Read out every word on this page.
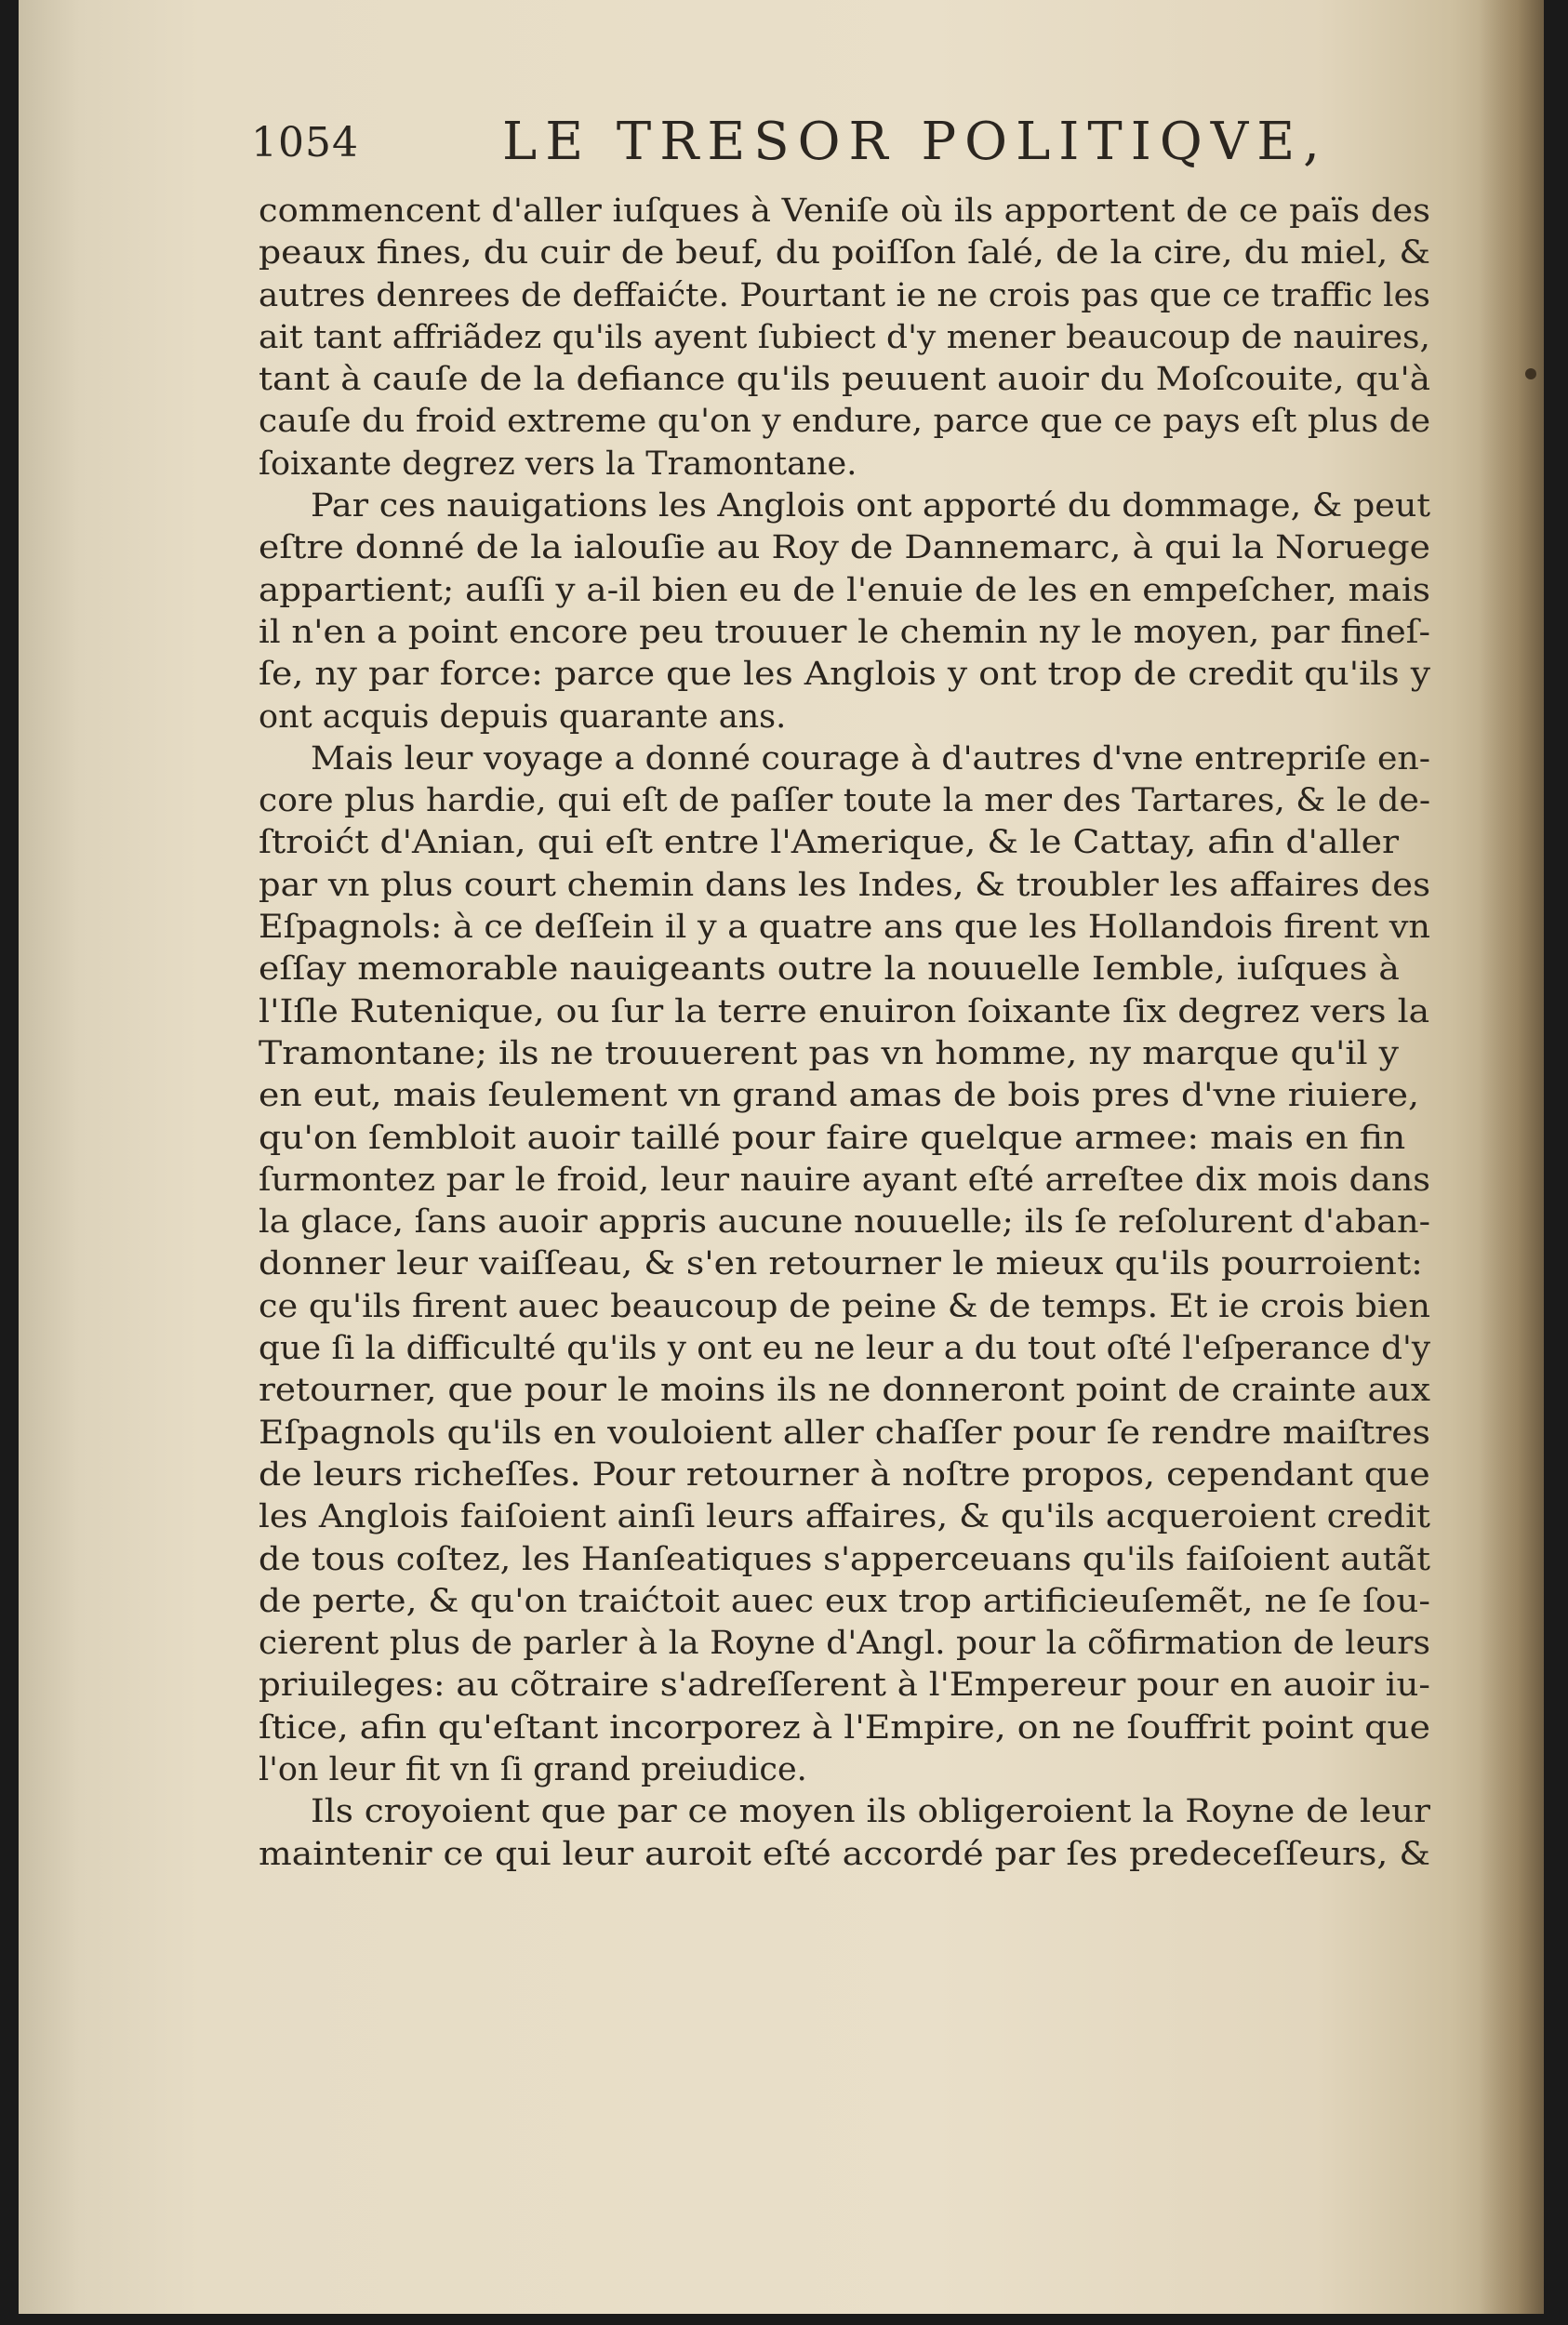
1054	LE TRESOR POLITIQVE,
commencent d'aller iuſques à Veniſe où ils apportent de ce païs des
peaux fines, du cuir de beuf, du poiſſon ſalé, de la cire, du miel, &
autres denrees de deffaićte. Pourtant ie ne crois pas que ce traffic les
ait tant affriãdez qu'ils ayent ſubiect d'y mener beaucoup de nauires,
tant à cauſe de la defiance qu'ils peuuent auoir du Moſcouite, qu'à
cauſe du froid extreme qu'on y endure, parce que ce pays eſt plus de
ſoixante degrez vers la Tramontane.
Par ces nauigations les Anglois ont apporté du dommage, & peut
eſtre donné de la ialouſie au Roy de Dannemarc, à qui la Noruege
appartient; auſſi y a-il bien eu de l'enuie de les en empeſcher, mais
il n'en a point encore peu trouuer le chemin ny le moyen, par fineſ-
ſe, ny par force: parce que les Anglois y ont trop de credit qu'ils y
ont acquis depuis quarante ans.
Mais leur voyage a donné courage à d'autres d'vne entrepriſe en-
core plus hardie, qui eſt de paſſer toute la mer des Tartares, & le de-
ſtroićt d'Anian, qui eſt entre l'Amerique, & le Cattay, afin d'aller
par vn plus court chemin dans les Indes, & troubler les affaires des
Eſpagnols: à ce deſſein il y a quatre ans que les Hollandois firent vn
eſſay memorable nauigeants outre la nouuelle Iemble, iuſques à
l'Iſle Rutenique, ou ſur la terre enuiron ſoixante ſix degrez vers la
Tramontane; ils ne trouuerent pas vn homme, ny marque qu'il y
en eut, mais ſeulement vn grand amas de bois pres d'vne riuiere,
qu'on ſembloit auoir taillé pour faire quelque armee: mais en fin
ſurmontez par le froid, leur nauire ayant eſté arreſtee dix mois dans
la glace, ſans auoir appris aucune nouuelle; ils ſe reſolurent d'aban-
donner leur vaiſſeau, & s'en retourner le mieux qu'ils pourroient:
ce qu'ils firent auec beaucoup de peine & de temps. Et ie crois bien
que ſi la difficulté qu'ils y ont eu ne leur a du tout oſté l'eſperance d'y
retourner, que pour le moins ils ne donneront point de crainte aux
Eſpagnols qu'ils en vouloient aller chaſſer pour ſe rendre maiſtres
de leurs richeſſes. Pour retourner à noſtre propos, cependant que
les Anglois faiſoient ainſi leurs affaires, & qu'ils acqueroient credit
de tous coſtez, les Hanſeatiques s'apperceuans qu'ils faiſoient autãt
de perte, & qu'on traićtoit auec eux trop artificieuſemẽt, ne ſe ſou-
cierent plus de parler à la Royne d'Angl. pour la cõfirmation de leurs
priuileges: au cõtraire s'adreſſerent à l'Empereur pour en auoir iu-
ſtice, afin qu'eſtant incorporez à l'Empire, on ne ſouffrit point que
l'on leur fit vn ſi grand preiudice.
Ils croyoient que par ce moyen ils obligeroient la Royne de leur
maintenir ce qui leur auroit eſté accordé par ſes predeceſſeurs, &
